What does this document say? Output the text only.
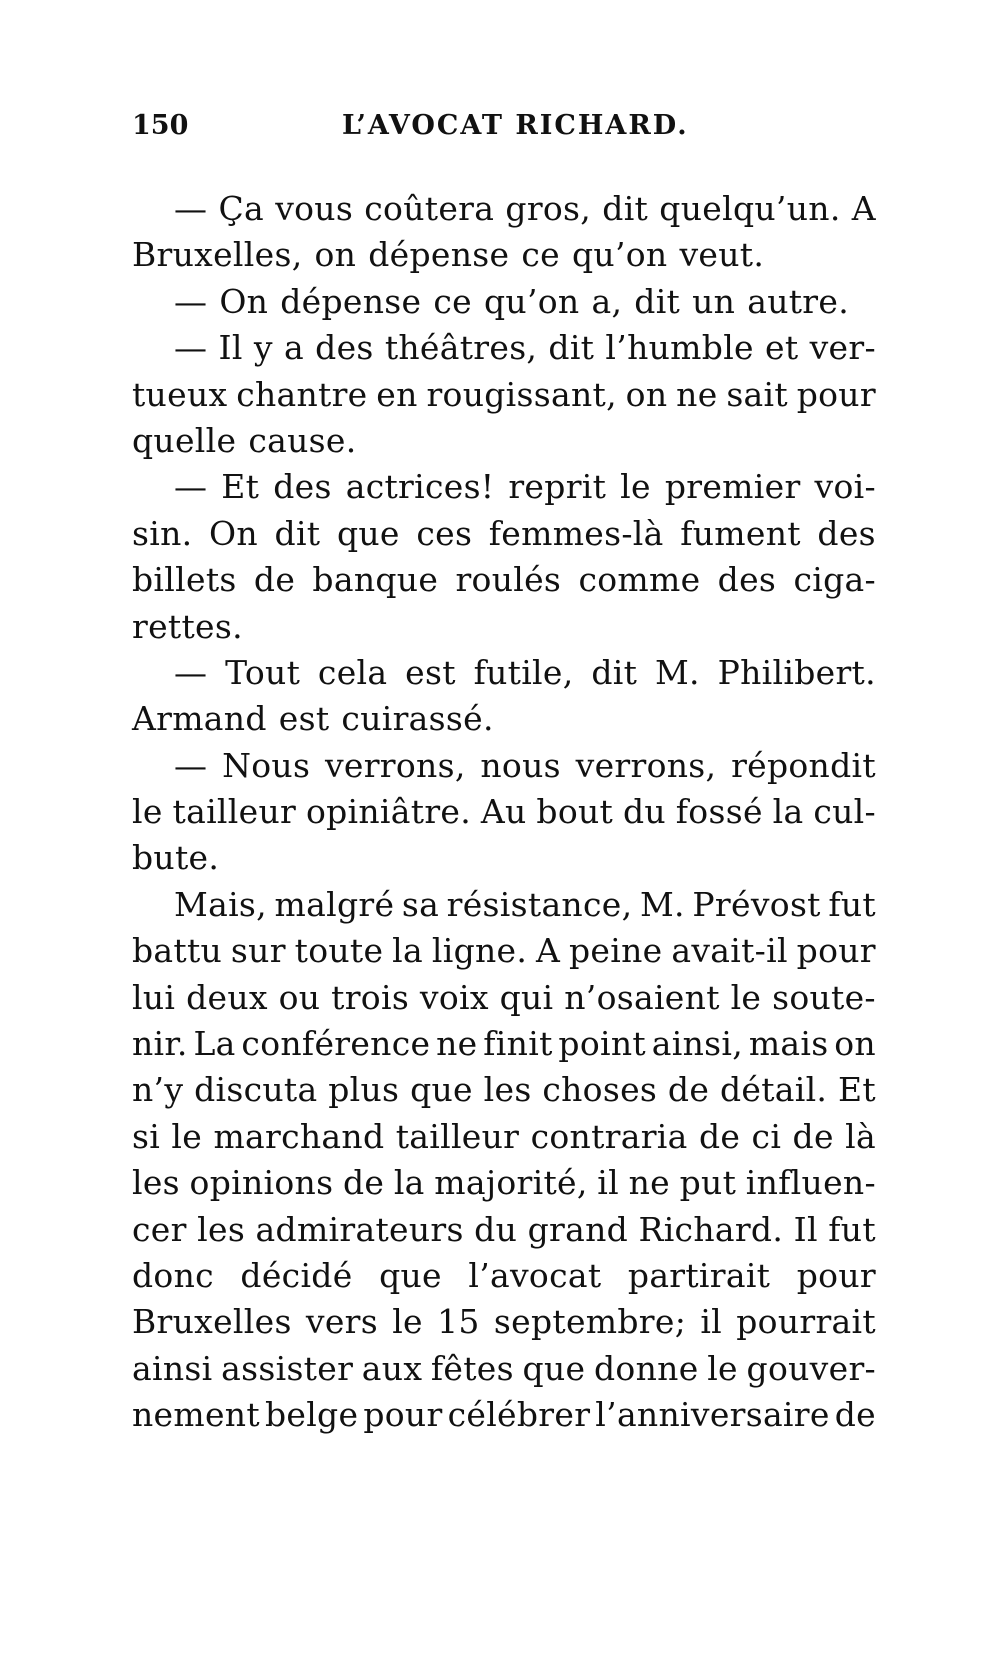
150	L’AVOCAT RICHARD.
— Ça vous coûtera gros, dit quelqu’un. A
Bruxelles, on dépense ce qu’on veut.
— On dépense ce qu’on a, dit un autre.
— Il y a des théâtres, dit l’humble et ver-
tueux chantre en rougissant, on ne sait pour
quelle cause.
— Et des actrices! reprit le premier voi-
sin. On dit que ces femmes-là fument des
billets de banque roulés comme des ciga-
rettes.
— Tout cela est futile, dit M. Philibert.
Armand est cuirassé.
— Nous verrons, nous verrons, répondit
le tailleur opiniâtre. Au bout du fossé la cul-
bute.
Mais, malgré sa résistance, M. Prévost fut
battu sur toute la ligne. A peine avait-il pour
lui deux ou trois voix qui n’osaient le soute-
nir. La conférence ne finit point ainsi, mais on
n’y discuta plus que les choses de détail. Et
si le marchand tailleur contraria de ci de là
les opinions de la majorité, il ne put influen-
cer les admirateurs du grand Richard. Il fut
donc décidé que l’avocat partirait pour
Bruxelles vers le 15 septembre; il pourrait
ainsi assister aux fêtes que donne le gouver-
nement belge pour célébrer l’anniversaire de
